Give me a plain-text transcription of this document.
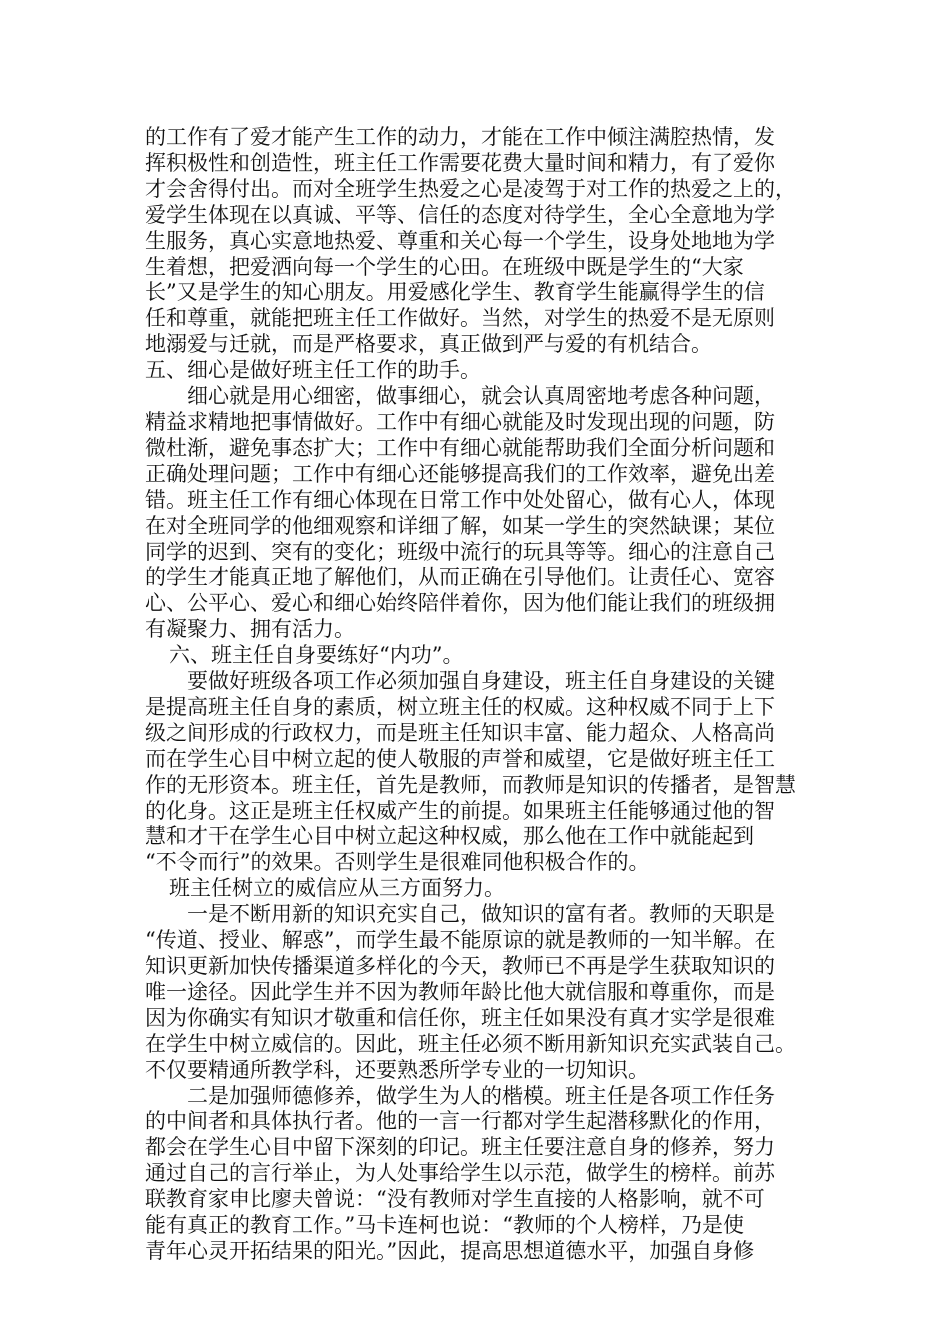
的工作有了爱才能产生工作的动力，才能在工作中倾注满腔热情，发
挥积极性和创造性，班主任工作需要花费大量时间和精力，有了爱你
才会舍得付出。而对全班学生热爱之心是凌驾于对工作的热爱之上的，
爱学生体现在以真诚、平等、信任的态度对待学生，全心全意地为学
生服务，真心实意地热爱、尊重和关心每一个学生，设身处地地为学
生着想，把爱洒向每一个学生的心田。在班级中既是学生的“大家
长”又是学生的知心朋友。用爱感化学生、教育学生能赢得学生的信
任和尊重，就能把班主任工作做好。当然，对学生的热爱不是无原则
地溺爱与迁就，而是严格要求，真正做到严与爱的有机结合。
五、细心是做好班主任工作的助手。
细心就是用心细密，做事细心，就会认真周密地考虑各种问题，
精益求精地把事情做好。工作中有细心就能及时发现出现的问题，防
微杜渐，避免事态扩大；工作中有细心就能帮助我们全面分析问题和
正确处理问题；工作中有细心还能够提高我们的工作效率，避免出差
错。班主任工作有细心体现在日常工作中处处留心，做有心人，体现
在对全班同学的他细观察和详细了解，如某一学生的突然缺课；某位
同学的迟到、突有的变化；班级中流行的玩具等等。细心的注意自己
的学生才能真正地了解他们，从而正确在引导他们。让责任心、宽容
心、公平心、爱心和细心始终陪伴着你，因为他们能让我们的班级拥
有凝聚力、拥有活力。
六、班主任自身要练好“内功”。
要做好班级各项工作必须加强自身建设，班主任自身建设的关键
是提高班主任自身的素质，树立班主任的权威。这种权威不同于上下
级之间形成的行政权力，而是班主任知识丰富、能力超众、人格高尚
而在学生心目中树立起的使人敬服的声誉和威望，它是做好班主任工
作的无形资本。班主任，首先是教师，而教师是知识的传播者，是智慧
的化身。这正是班主任权威产生的前提。如果班主任能够通过他的智
慧和才干在学生心目中树立起这种权威，那么他在工作中就能起到
“不令而行”的效果。否则学生是很难同他积极合作的。
班主任树立的威信应从三方面努力。
一是不断用新的知识充实自己，做知识的富有者。教师的天职是
“传道、授业、解惑”，而学生最不能原谅的就是教师的一知半解。在
知识更新加快传播渠道多样化的今天，教师已不再是学生获取知识的
唯一途径。因此学生并不因为教师年龄比他大就信服和尊重你，而是
因为你确实有知识才敬重和信任你，班主任如果没有真才实学是很难
在学生中树立威信的。因此，班主任必须不断用新知识充实武装自己。
不仅要精通所教学科，还要熟悉所学专业的一切知识。
二是加强师德修养，做学生为人的楷模。班主任是各项工作任务
的中间者和具体执行者。他的一言一行都对学生起潜移默化的作用，
都会在学生心目中留下深刻的印记。班主任要注意自身的修养，努力
通过自己的言行举止，为人处事给学生以示范，做学生的榜样。前苏
联教育家申比廖夫曾说：“没有教师对学生直接的人格影响，就不可
能有真正的教育工作。”马卡连柯也说：“教师的个人榜样，乃是使
青年心灵开拓结果的阳光。”因此，提高思想道德水平，加强自身修
